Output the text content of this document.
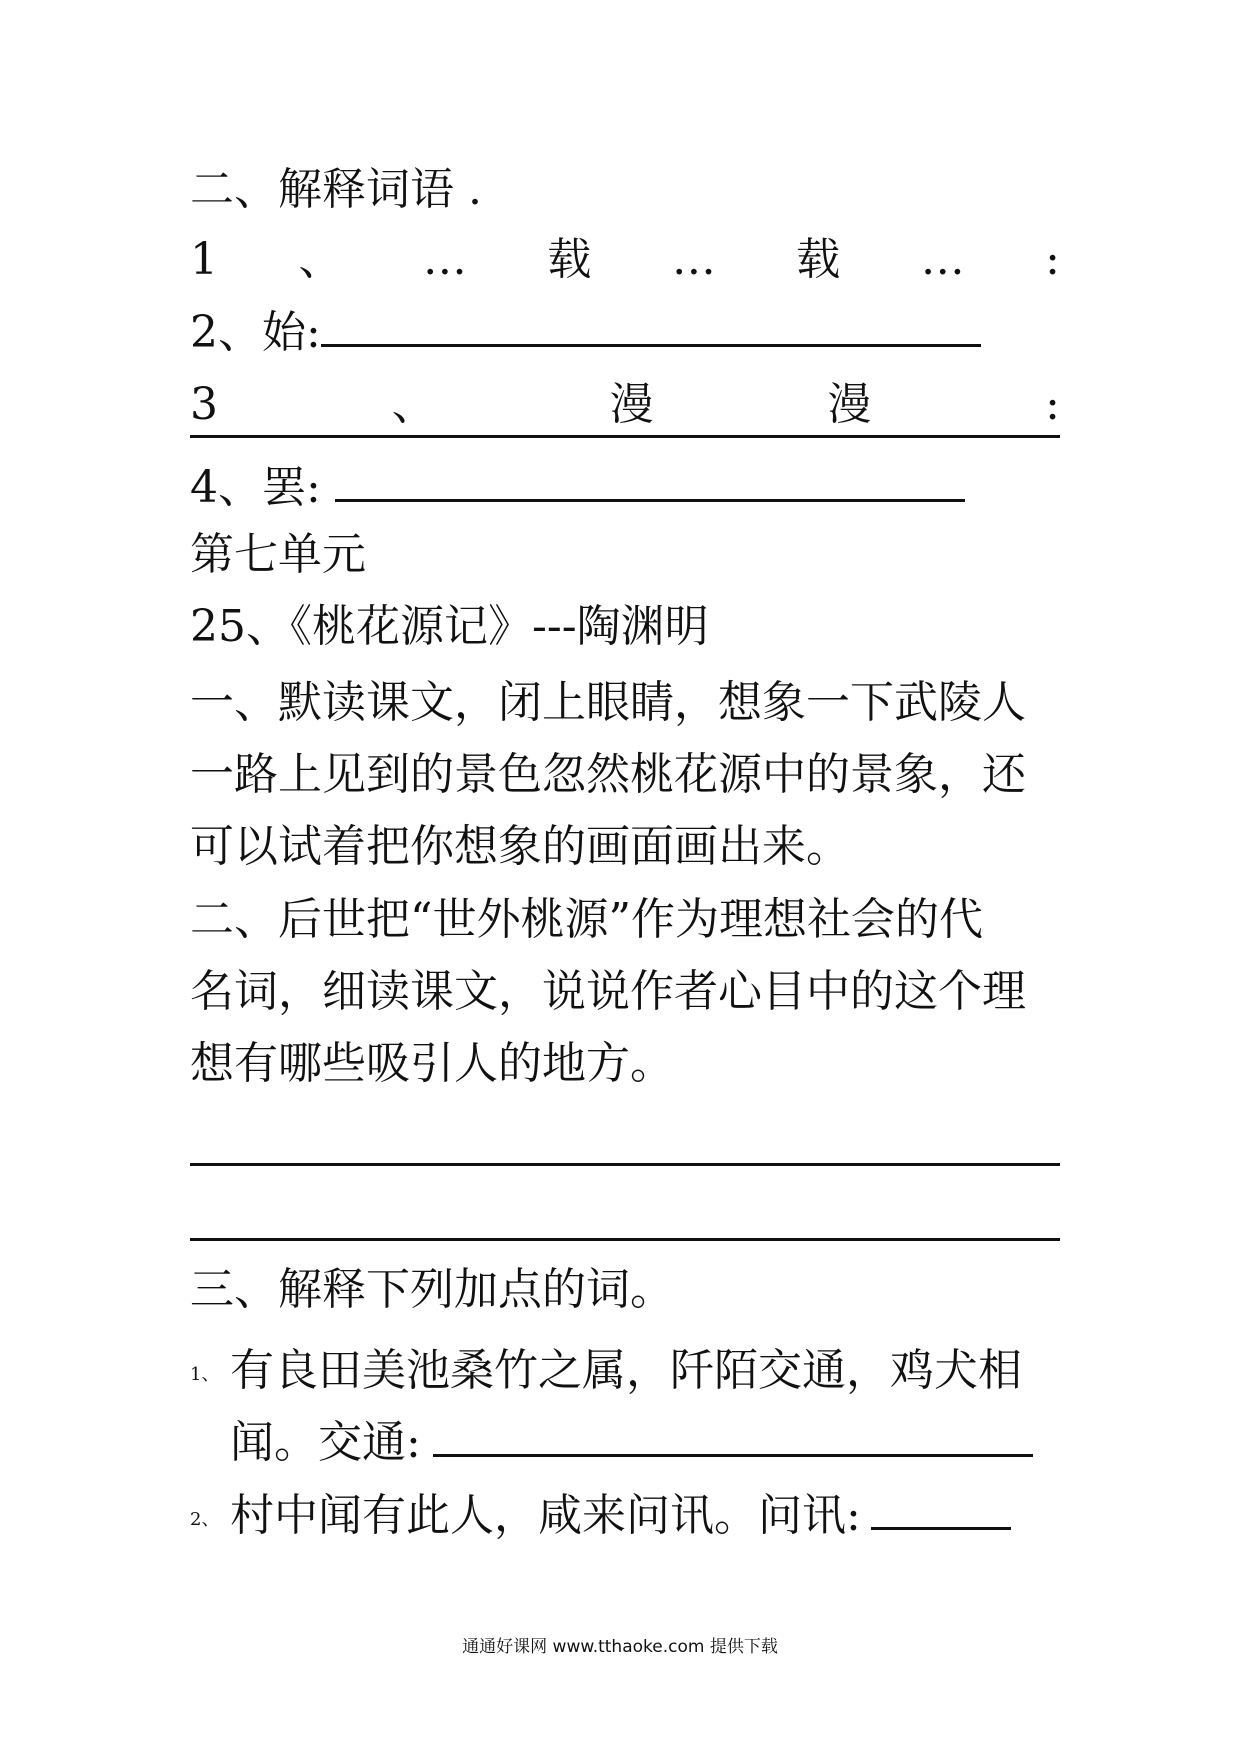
二、解释词语 .
1 、 … 载 … 载 … :
2、始:
3	、	漫	漫	:
4、罢:
第七单元
25、《桃花源记》---陶渊明
一、默读课文，闭上眼睛，想象一下武陵人
一路上见到的景色忽然桃花源中的景象，还
可以试着把你想象的画面画出来。
二、后世把“世外桃源”作为理想社会的代
名词，细读课文，说说作者心目中的这个理
想有哪些吸引人的地方。
三、解释下列加点的词。
1、 有良田美池桑竹之属，阡陌交通，鸡犬相
闻。交通:
2、 村中闻有此人，咸来问讯。问讯:
通通好课网 www.tthaoke.com 提供下载
